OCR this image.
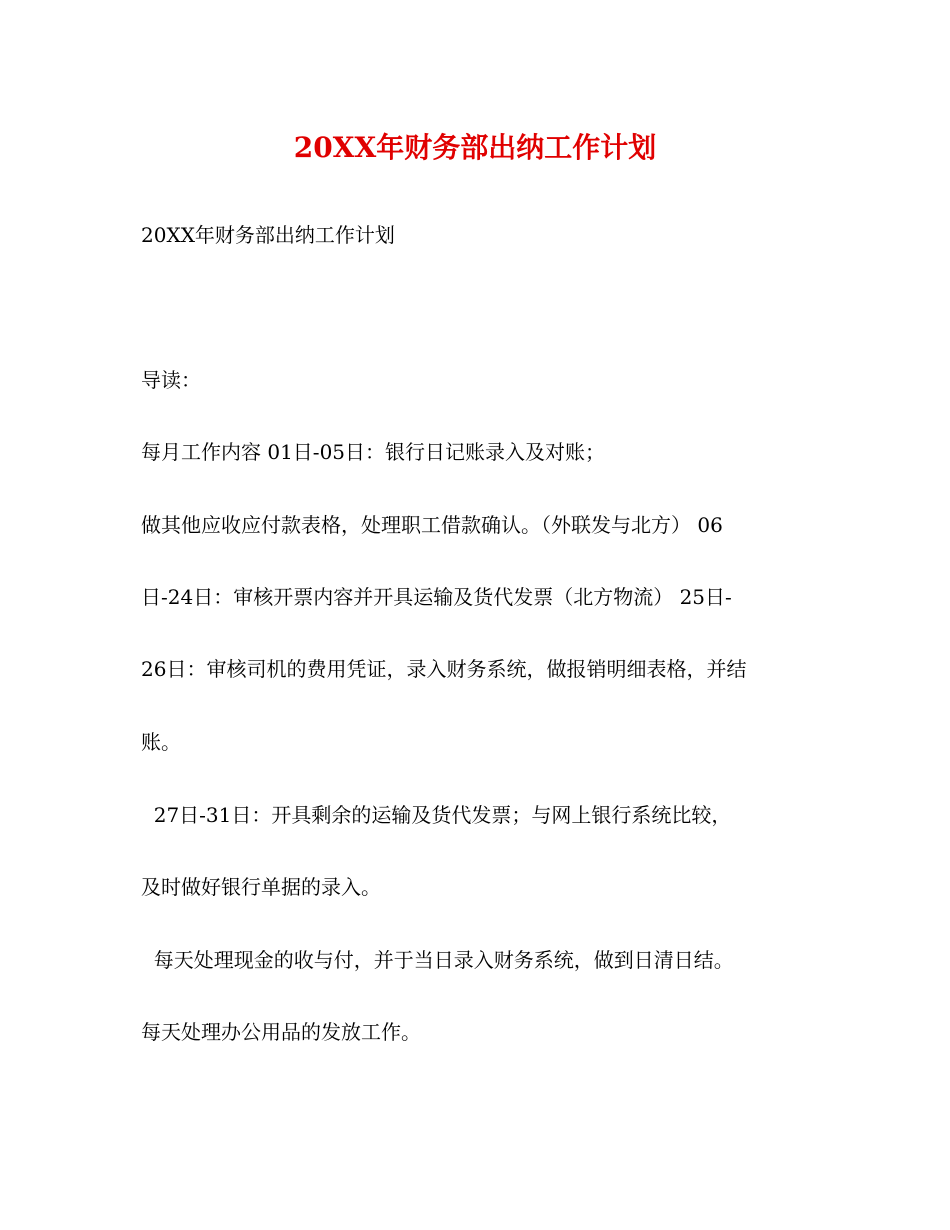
20XX年财务部出纳工作计划
20XX年财务部出纳工作计划
导读：
每月工作内容 01日-05日：银行日记账录入及对账；
做其他应收应付款表格，处理职工借款确认。（外联发与北方） 06
日-24日：审核开票内容并开具运输及货代发票（北方物流） 25日-
26日：审核司机的费用凭证，录入财务系统，做报销明细表格，并结
账。
27日-31日：开具剩余的运输及货代发票；与网上银行系统比较，
及时做好银行单据的录入。
每天处理现金的收与付，并于当日录入财务系统，做到日清日结。
每天处理办公用品的发放工作。
